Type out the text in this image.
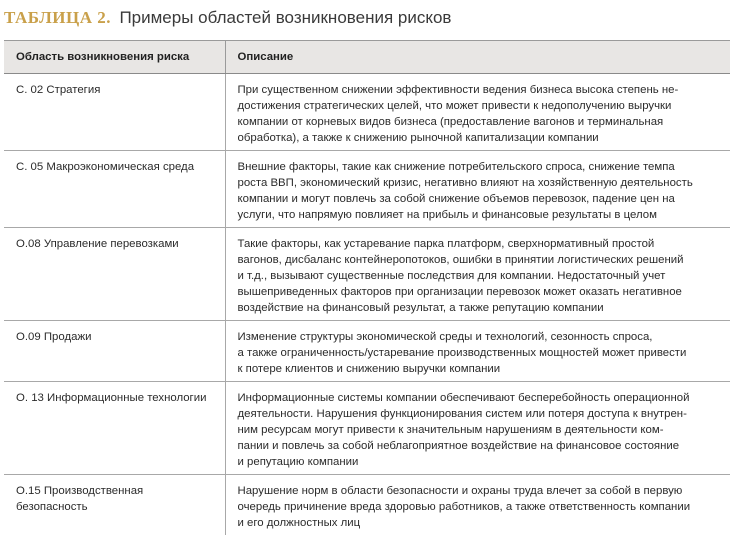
ТАБЛИЦА 2. Примеры областей возникновения рисков
Область возникновения риска	Описание

С. 02 Стратегия	При существенном снижении эффективности ведения бизнеса высока степень не-
достижения стратегических целей, что может привести к недополучению выручки
компании от корневых видов бизнеса (предоставление вагонов и терминальная
обработка), а также к снижению рыночной капитализации компании

С. 05 Макроэкономическая среда	Внешние факторы, такие как снижение потребительского спроса, снижение темпа
роста ВВП, экономический кризис, негативно влияют на хозяйственную деятельность
компании и могут повлечь за собой снижение объемов перевозок, падение цен на
услуги, что напрямую повлияет на прибыль и финансовые результаты в целом

О.08 Управление перевозками	Такие факторы, как устаревание парка платформ, сверхнормативный простой
вагонов, дисбаланс контейнеропотоков, ошибки в принятии логистических решений
и т.д., вызывают существенные последствия для компании. Недостаточный учет
вышеприведенных факторов при организации перевозок может оказать негативное
воздействие на финансовый результат, а также репутацию компании

О.09 Продажи	Изменение структуры экономической среды и технологий, сезонность спроса,
а также ограниченность/устаревание производственных мощностей может привести
к потере клиентов и снижению выручки компании

О. 13 Информационные технологии	Информационные системы компании обеспечивают бесперебойность операционной
деятельности. Нарушения функционирования систем или потеря доступа к внутрен-
ним ресурсам могут привести к значительным нарушениям в деятельности ком-
пании и повлечь за собой неблагоприятное воздействие на финансовое состояние
и репутацию компании

О.15 Производственная
безопасность	Нарушение норм в области безопасности и охраны труда влечет за собой в первую
очередь причинение вреда здоровью работников, а также ответственность компании
и его должностных лиц
